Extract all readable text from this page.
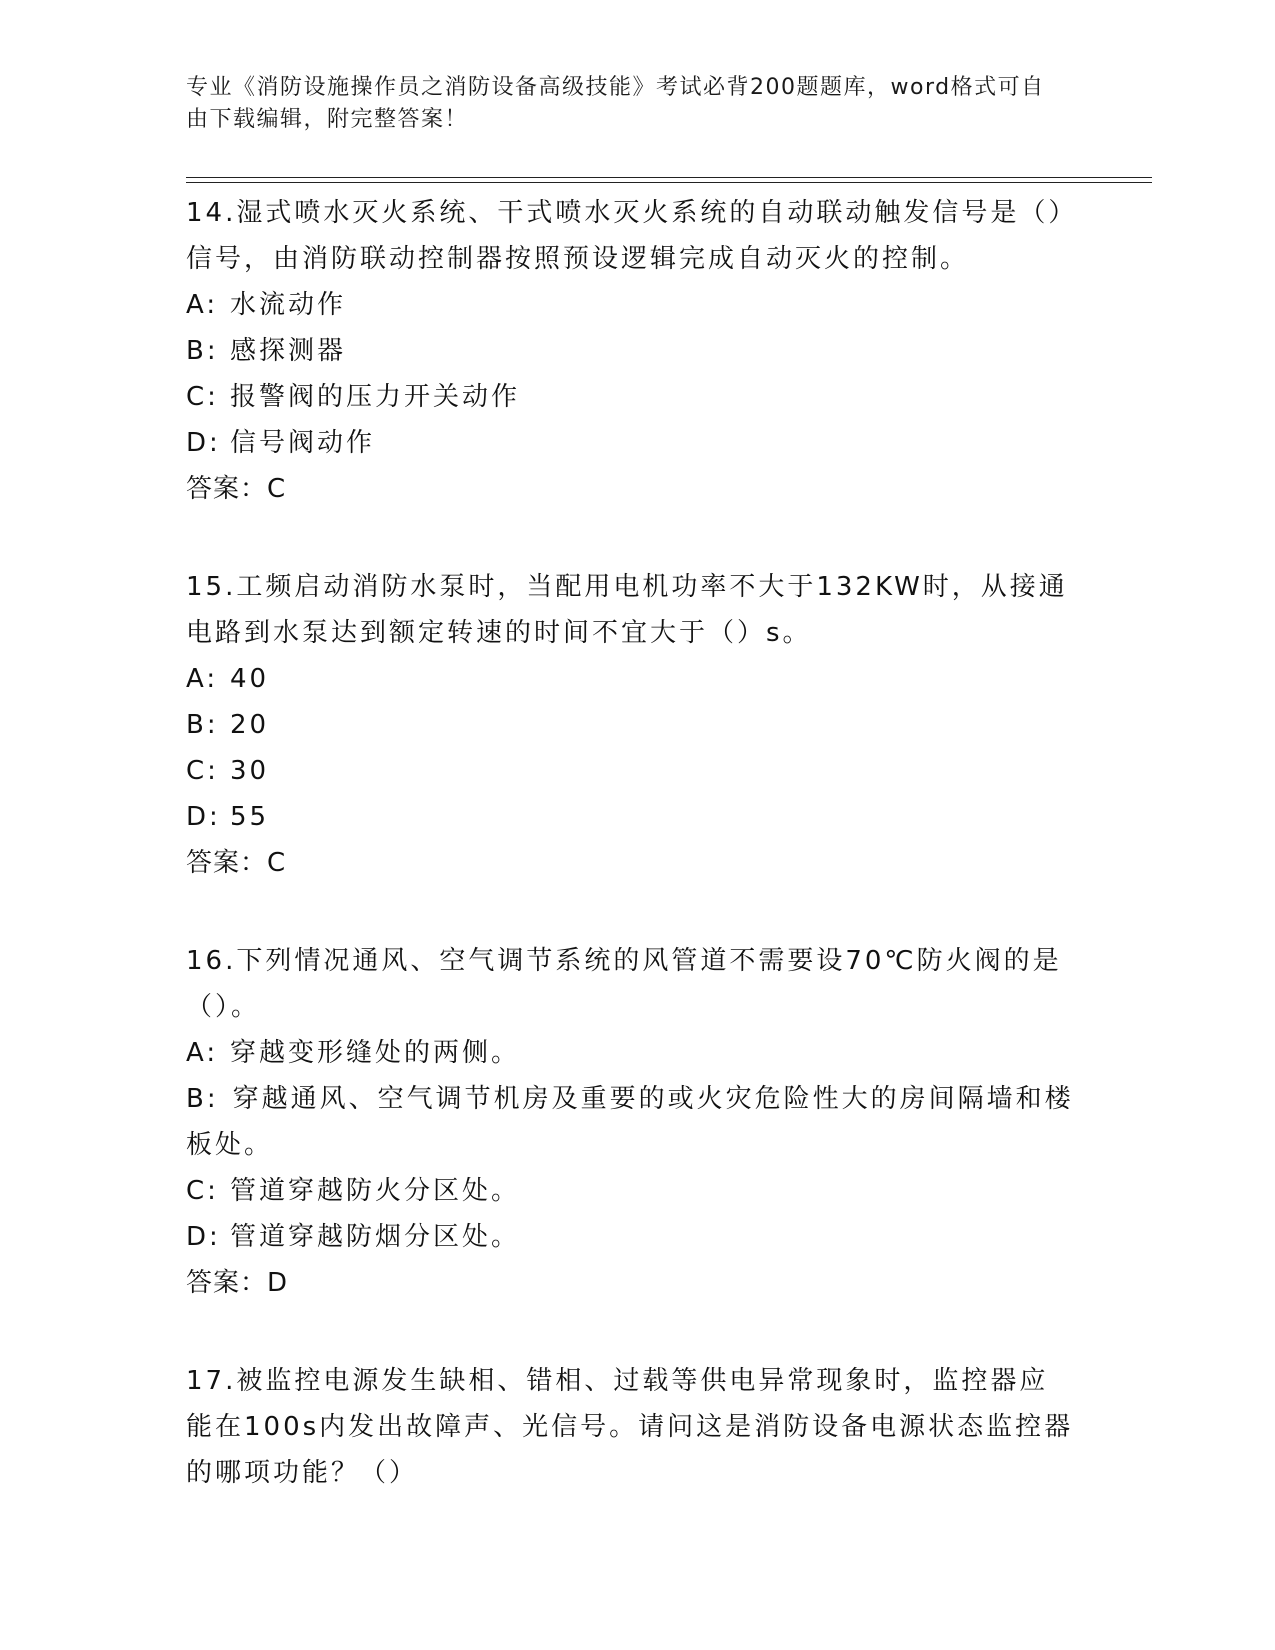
专业《消防设施操作员之消防设备高级技能》考试必背200题题库，word格式可自由下载编辑，附完整答案！

14.湿式喷水灭火系统、干式喷水灭火系统的自动联动触发信号是（）信号，由消防联动控制器按照预设逻辑完成自动灭火的控制。

A: 水流动作

B: 感探测器

C: 报警阀的压力开关动作

D: 信号阀动作

答案：C

15.工频启动消防水泵时，当配用电机功率不大于132KW时，从接通电路到水泵达到额定转速的时间不宜大于（）s。

A: 40

B: 20

C: 30

D: 55

答案：C

16.下列情况通风、空气调节系统的风管道不需要设70℃防火阀的是（）。

A: 穿越变形缝处的两侧。

B: 穿越通风、空气调节机房及重要的或火灾危险性大的房间隔墙和楼板处。

C: 管道穿越防火分区处。

D: 管道穿越防烟分区处。

答案：D

17.被监控电源发生缺相、错相、过载等供电异常现象时，监控器应能在100s内发出故障声、光信号。请问这是消防设备电源状态监控器的哪项功能？（）
